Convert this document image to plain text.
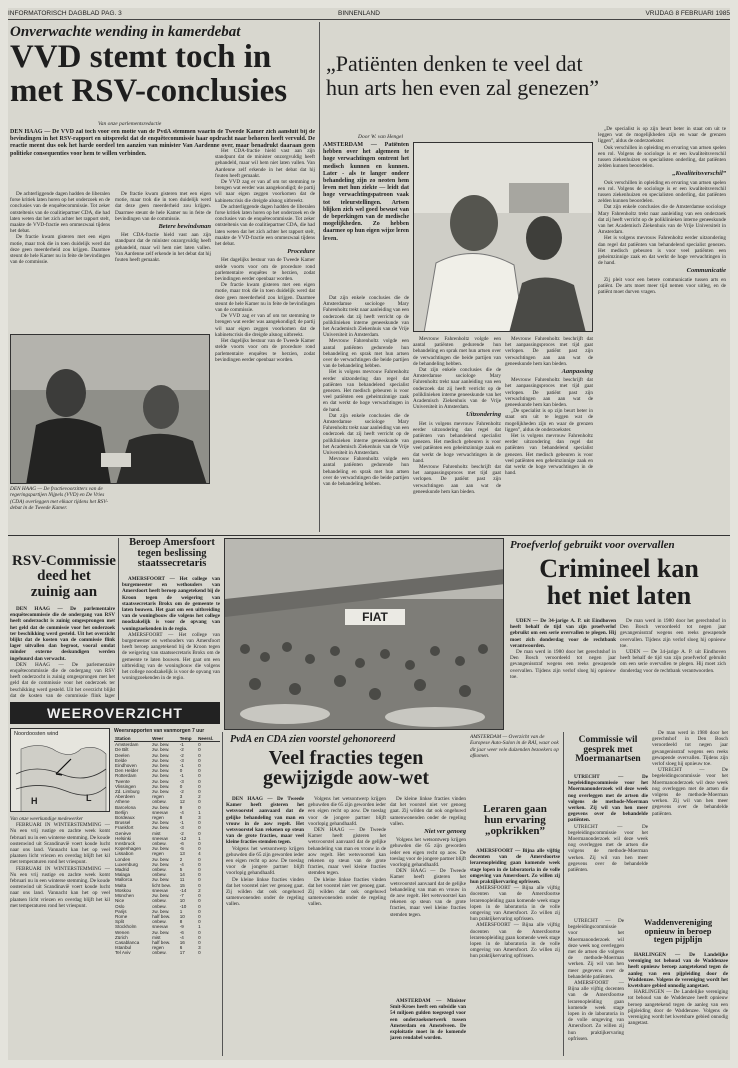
INFORMATORISCH DAGBLAD PAG. 3	BINNENLAND	VRIJDAG 8 FEBRUARI 1985
Onverwachte wending in kamerdebat
VVD stemt toch in
met RSV-conclusies
Van onze parlementsredactie
DEN HAAG — De VVD zal toch voor een motie van de PvdA stemmen waarin de Tweede Kamer zich aansluit bij de bevindingen in het RSV-rapport en uitspreekt dat de enquêtecommissie haar opdracht naar behoren heeft vervuld. De reactie meent dus ook het harde oordeel ten aanzien van minister Van Aardenne over, maar benadrukt daaraan geen politieke consequenties voor hem te willen verbinden.

De achterliggende dagen hadden de liberalen forse kritiek laten horen op het onderzoek en de conclusies van de enquêtecommissie. Tot zeker ontsteltenis van de coalitiepartner CDA, die had laten weten dat het zich achter het rapport stelt, maakte de VVD-fractie een ommezwaai tijdens het debat.

De fractie kwam gisteren met een eigen motie, maar trok die in toen duidelijk werd dat deze geen meerderheid zou krijgen. Daarmee steunt de hele Kamer nu in feite de bevindingen van de commissie.

De fractie kwam gisteren met een eigen motie, maar trok die in toen duidelijk werd dat deze geen meerderheid zou krijgen. Daarmee steunt de hele Kamer nu in feite de bevindingen van de commissie.

Betere bewindsman

Het CDA-fractie hield vast aan zijn standpunt dat de minister onzorgvuldig heeft gehandeld, maar wil hem niet laten vallen. Van Aardenne zelf erkende in het debat dat hij fouten heeft gemaakt.

Het CDA-fractie hield vast aan zijn standpunt dat de minister onzorgvuldig heeft gehandeld, maar wil hem niet laten vallen. Van Aardenne zelf erkende in het debat dat hij fouten heeft gemaakt.

De VVD zag er van af om tot stemming te brengen wat eerder was aangekondigd; de partij wil naar eigen zeggen voorkomen dat de kabinetscrisis die dreigde alsnog uitbreekt.

De achterliggende dagen hadden de liberalen forse kritiek laten horen op het onderzoek en de conclusies van de enquêtecommissie. Tot zeker ontsteltenis van de coalitiepartner CDA, die had laten weten dat het zich achter het rapport stelt, maakte de VVD-fractie een ommezwaai tijdens het debat.

Procedure

Het dagelijks bestuur van de Tweede Kamer stelde voorts voor om de procedure rond parlementaire enquêtes te herzien, zodat bevindingen eerder openbaar worden.

De fractie kwam gisteren met een eigen motie, maar trok die in toen duidelijk werd dat deze geen meerderheid zou krijgen. Daarmee steunt de hele Kamer nu in feite de bevindingen van de commissie.

De VVD zag er van af om tot stemming te brengen wat eerder was aangekondigd; de partij wil naar eigen zeggen voorkomen dat de kabinetscrisis die dreigde alsnog uitbreekt.

Het dagelijks bestuur van de Tweede Kamer stelde voorts voor om de procedure rond parlementaire enquêtes te herzien, zodat bevindingen eerder openbaar worden.

DEN HAAG — De fractievoorzitters van de regeringspartijen Nijpels (VVD) en De Vries (CDA) overleggen met elkaar tijdens het RSV-debat in de Tweede Kamer.
„Patiënten denken te veel dat
hun arts hen even zal genezen”
Door W. van Hengel
AMSTERDAM — Patiënten hebben over het algemeen te hoge verwachtingen omtrent het medisch kunnen en kunnen. Later - als te langer ondeer behandeling zijn zo neoten hem leven met hun ziekte — leidt dat hoge verwachtingspatroon vaak tot teleurstellingen. Artsen blijken zich wel goed bewust van de beperkingen van de medische mogelijkheden. Zo hebben daarmee op hun eigen wijze leren leven.

Dat zijn enkele conclusies die de Amsterdamse sociologe Mary Fahrenholtz trekt naar aanleiding van een onderzoek dat zij heeft verricht op de poliklinieken interne geneeskunde van het Academisch Ziekenhuis van de Vrije Universiteit in Amsterdam.

Mevrouw Fahrenholtz volgde een aantal patiënten gedurende hun behandeling en sprak met hun artsen over de verwachtingen die beide partijen van de behandeling hebben.

Het is volgens mevrouw Fahrenholtz eerder uitzondering dan regel dat patiënten van behandelend specialist genezen. Het medisch gebeuren is voor veel patiënten een geheimzinnige zaak en dat werkt de hoge verwachtingen in de hand.

Dat zijn enkele conclusies die de Amsterdamse sociologe Mary Fahrenholtz trekt naar aanleiding van een onderzoek dat zij heeft verricht op de poliklinieken interne geneeskunde van het Academisch Ziekenhuis van de Vrije Universiteit in Amsterdam.

Mevrouw Fahrenholtz volgde een aantal patiënten gedurende hun behandeling en sprak met hun artsen over de verwachtingen die beide partijen van de behandeling hebben.

Mevrouw Fahrenholtz volgde een aantal patiënten gedurende hun behandeling en sprak met hun artsen over de verwachtingen die beide partijen van de behandeling hebben.

Dat zijn enkele conclusies die de Amsterdamse sociologe Mary Fahrenholtz trekt naar aanleiding van een onderzoek dat zij heeft verricht op de poliklinieken interne geneeskunde van het Academisch Ziekenhuis van de Vrije Universiteit in Amsterdam.

Uitzondering

Het is volgens mevrouw Fahrenholtz eerder uitzondering dan regel dat patiënten van behandelend specialist genezen. Het medisch gebeuren is voor veel patiënten een geheimzinnige zaak en dat werkt de hoge verwachtingen in de hand.

Mevrouw Fahrenholtz beschrijft dat het aanpassingsproces met tijd gaat verlopen. De patiënt past zijn verwachtingen aan aan wat de geneeskunde hem kan bieden.

Mevrouw Fahrenholtz beschrijft dat het aanpassingsproces met tijd gaat verlopen. De patiënt past zijn verwachtingen aan aan wat de geneeskunde hem kan bieden.

Aanpassing

Mevrouw Fahrenholtz beschrijft dat het aanpassingsproces met tijd gaat verlopen. De patiënt past zijn verwachtingen aan aan wat de geneeskunde hem kan bieden.

„De specialist is op zijn beurt beter in staat om uit te leggen wat de mogelijkheden zijn en waar de grenzen liggen”, aldus de onderzoekster.

Het is volgens mevrouw Fahrenholtz eerder uitzondering dan regel dat patiënten van behandelend specialist genezen. Het medisch gebeuren is voor veel patiënten een geheimzinnige zaak en dat werkt de hoge verwachtingen in de hand.

„De specialist is op zijn beurt beter in staat om uit te leggen wat de mogelijkheden zijn en waar de grenzen liggen”, aldus de onderzoekster.

Ook verschillen in opleiding en ervaring van artsen spelen een rol. Volgens de sociologe is er een kwaliteitsverschil tussen ziekenhuizen en specialisten onderling, dat patiënten zelden kunnen beoordelen.

„Kwaliteitsverschil”

Ook verschillen in opleiding en ervaring van artsen spelen een rol. Volgens de sociologe is er een kwaliteitsverschil tussen ziekenhuizen en specialisten onderling, dat patiënten zelden kunnen beoordelen.

Dat zijn enkele conclusies die de Amsterdamse sociologe Mary Fahrenholtz trekt naar aanleiding van een onderzoek dat zij heeft verricht op de poliklinieken interne geneeskunde van het Academisch Ziekenhuis van de Vrije Universiteit in Amsterdam.

Het is volgens mevrouw Fahrenholtz eerder uitzondering dan regel dat patiënten van behandelend specialist genezen. Het medisch gebeuren is voor veel patiënten een geheimzinnige zaak en dat werkt de hoge verwachtingen in de hand.

Communicatie

Zij pleit voor een betere communicatie tussen arts en patiënt. De arts moet meer tijd nemen voor uitleg, en de patiënt moet durven vragen.

RSV-Commissie
deed het
zuinig aan

DEN HAAG — De parlementaire enquêtecommissie die de ondergang van RSV heeft onderzocht is zuinig omgesprongen met het geld dat de commissie voor het onderzoek ter beschikking werd gesteld. Uit het overzicht blijkt dat de kosten van de commissie flink lager uitvallen dan begroot, vooral omdat minder externe deskundigen werden ingehuurd dan verwacht.

DEN HAAG — De parlementaire enquêtecommissie die de ondergang van RSV heeft onderzocht is zuinig omgesprongen met het geld dat de commissie voor het onderzoek ter beschikking werd gesteld. Uit het overzicht blijkt dat de kosten van de commissie flink lager

Beroep Amersfoort
tegen beslissing
staatssecretaris

AMERSFOORT — Het college van burgemeester en wethouders van Amersfoort heeft beroep aangetekend bij de Kroon tegen de weigering van staatssecretaris Brokx om de gemeente te laten bouwen. Het gaat om een uitbreiding van de woningbouw die volgens het college noodzakelijk is voor de opvang van woningzoekenden in de regio.

AMERSFOORT — Het college van burgemeester en wethouders van Amersfoort heeft beroep aangetekend bij de Kroon tegen de weigering van staatssecretaris Brokx om de gemeente te laten bouwen. Het gaat om een uitbreiding van de woningbouw die volgens het college noodzakelijk is voor de opvang van woningzoekenden in de regio.

FIAT
Proefverlof gebruikt voor overvallen
Crimineel kan
het niet laten

UDEN — De 34-jarige A. P. uit Eindhoven heeft behalf de tijd van zijn proefverlof gebruikt om een serie overvallen te plegen. Hij moet zich donderdag voor de rechtbank verantwoorden.

De man werd in 1980 door het gerechtshof in Den Bosch veroordeeld tot negen jaar gevangenisstraf wegens een reeks gewapende overvallen. Tijdens zijn verlof sloeg hij opnieuw toe.

De man werd in 1980 door het gerechtshof in Den Bosch veroordeeld tot negen jaar gevangenisstraf wegens een reeks gewapende overvallen. Tijdens zijn verlof sloeg hij opnieuw toe.

UDEN — De 34-jarige A. P. uit Eindhoven heeft behalf de tijd van zijn proefverlof gebruikt om een serie overvallen te plegen. Hij moet zich donderdag voor de rechtbank verantwoorden.

WEEROVERZICHT
Noordoosten wind
H	L

Van onze weerkundige medewerker

FEBRUARI IN WINTERSTEMMING — Nu een vrij rustige en zachte week komt februari nu in een winterse stemming. De koude oostenwind uit Scandinavië voert koude lucht naar ons land. Vannacht kan het op veel plaatsen licht vriezen en overdag blijft het kil met temperaturen rond het vriespunt.

FEBRUARI IN WINTERSTEMMING — Nu een vrij rustige en zachte week komt februari nu in een winterse stemming. De koude oostenwind uit Scandinavië voert koude lucht naar ons land. Vannacht kan het op veel plaatsen licht vriezen en overdag blijft het kil met temperaturen rond het vriespunt.

Weersrapporten van vanmorgen 7 uur
Station	Weer	Temp	Neersl.
Amsterdam	zw. bew.	-1	0
De Bilt	zw. bew.	-2	0
Deelen	zw. bew.	-2	0
Eelde	zw. bew.	-3	0
Eindhoven	zw. bew.	-1	0
Den Helder	zw. bew.	0	0
Rotterdam	zw. bew.	-1	0
Twente	zw. bew.	-3	0
Vlissingen	zw. bew.	0	0
Zd. Limburg	zw. bew.	-2	0
Aberdeen	regen	3	2
Athene	onbew.	12	0
Barcelona	zw. bew.	9	0
Berlijn	sneeuw	-4	1
Bordeaux	regen	8	3
Brussel	zw. bew.	-1	0
Frankfort	zw. bew.	-3	0
Genève	mist	-2	0
Helsinki	sneeuw	-12	1
Innsbruck	onbew.	-6	0
Kopenhagen	zw. bew.	-5	0
Lissabon	regen	13	4
Londen	zw. bew.	2	0
Luxemburg	zw. bew.	-4	0
Madrid	onbew.	5	0
Malaga	onbew.	14	0
Mallorca	zw. bew.	11	0
Malta	licht bew.	15	0
Moskou	sneeuw	-14	2
München	zw. bew.	-7	0
Nice	onbew.	10	0
Oslo	onbew.	-10	0
Parijs	zw. bew.	1	0
Rome	half bew.	10	0
Split	onbew.	8	0
Stockholm	sneeuw	-9	1
Wenen	zw. bew.	-6	0
Zürich	mist	-4	0
Casablanca	half bew.	16	0
Istanbul	regen	6	3
Tel Aviv	onbew.	17	0
PvdA en CDA zien voorstel gehonoreerd
Veel fracties tegen
gewijzigde aow-wet

DEN HAAG — De Tweede Kamer heeft gisteren het wetsvoorstel aanvaard dat de gelijke behandeling van man en vrouw in de aow regelt. Het wetsvoorstel kan rekenen op steun van de grote fracties, maar veel kleine fracties stemden tegen.

Volgens het wetsontwerp krijgen gehuwden die 65 zijn geworden ieder een eigen recht op aow. De toeslag voor de jongere partner blijft voorlopig gehandhaafd.

De kleine linkse fracties vinden dat het voorstel niet ver genoeg gaat. Zij wilden dat ook ongehuwd samenwonenden onder de regeling vallen.

Volgens het wetsontwerp krijgen gehuwden die 65 zijn geworden ieder een eigen recht op aow. De toeslag voor de jongere partner blijft voorlopig gehandhaafd.

DEN HAAG — De Tweede Kamer heeft gisteren het wetsvoorstel aanvaard dat de gelijke behandeling van man en vrouw in de aow regelt. Het wetsvoorstel kan rekenen op steun van de grote fracties, maar veel kleine fracties stemden tegen.

De kleine linkse fracties vinden dat het voorstel niet ver genoeg gaat. Zij wilden dat ook ongehuwd samenwonenden onder de regeling vallen.

De kleine linkse fracties vinden dat het voorstel niet ver genoeg gaat. Zij wilden dat ook ongehuwd samenwonenden onder de regeling vallen.

Niet ver genoeg

Volgens het wetsontwerp krijgen gehuwden die 65 zijn geworden ieder een eigen recht op aow. De toeslag voor de jongere partner blijft voorlopig gehandhaafd.

DEN HAAG — De Tweede Kamer heeft gisteren het wetsvoorstel aanvaard dat de gelijke behandeling van man en vrouw in de aow regelt. Het wetsvoorstel kan rekenen op steun van de grote fracties, maar veel kleine fracties stemden tegen.

AMSTERDAM — Overzicht van de Europese Auto-Salon in de RAI, waar ook dit jaar weer vele duizenden bezoekers op afkomen.

AMSTERDAM — Minister Smit-Kroes heeft een subsidie van 54 miljoen gulden toegezegd voor een onderzoeksnetwerk tussen Amsterdam en Amstelveen. De exploitatie moet in de komende jaren rendabel worden.

Leraren gaan
hun ervaring
„opkrikken”

AMERSFOORT — Bijna alle vijftig docenten van de Amersfoortse lerarenopleiding gaan komende week stage lopen in de laboratoria in de volle omgeving van Amersfoort. Zo willen zij hun praktijkervaring opfrissen.

AMERSFOORT — Bijna alle vijftig docenten van de Amersfoortse lerarenopleiding gaan komende week stage lopen in de laboratoria in de volle omgeving van Amersfoort. Zo willen zij hun praktijkervaring opfrissen.

AMERSFOORT — Bijna alle vijftig docenten van de Amersfoortse lerarenopleiding gaan komende week stage lopen in de laboratoria in de volle omgeving van Amersfoort. Zo willen zij hun praktijkervaring opfrissen.

Commissie wil
gesprek met
Moermanartsen

UTRECHT — De begeleidingscommissie voor het Moermanonderzoek wil deze week nog overleggen met de artsen die volgens de methode-Moerman werken. Zij wil van hen meer gegevens over de behandelde patiënten.

UTRECHT — De begeleidingscommissie voor het Moermanonderzoek wil deze week nog overleggen met de artsen die volgens de methode-Moerman werken. Zij wil van hen meer gegevens over de behandelde patiënten.

De man werd in 1980 door het gerechtshof in Den Bosch veroordeeld tot negen jaar gevangenisstraf wegens een reeks gewapende overvallen. Tijdens zijn verlof sloeg hij opnieuw toe.

UTRECHT — De begeleidingscommissie voor het Moermanonderzoek wil deze week nog overleggen met de artsen die volgens de methode-Moerman werken. Zij wil van hen meer gegevens over de behandelde patiënten.

Waddenvereniging
opnieuw in beroep
tegen pijplijn

HARLINGEN — De Landelijke vereniging tot behoud van de Waddenzee heeft opnieuw beroep aangetekend tegen de aanleg van een pijpleiding door de Waddenzee. Volgens de vereniging wordt het kwetsbare gebied onnodig aangetast.

HARLINGEN — De Landelijke vereniging tot behoud van de Waddenzee heeft opnieuw beroep aangetekend tegen de aanleg van een pijpleiding door de Waddenzee. Volgens de vereniging wordt het kwetsbare gebied onnodig aangetast.

UTRECHT — De begeleidingscommissie voor het Moermanonderzoek wil deze week nog overleggen met de artsen die volgens de methode-Moerman werken. Zij wil van hen meer gegevens over de behandelde patiënten.

AMERSFOORT — Bijna alle vijftig docenten van de Amersfoortse lerarenopleiding gaan komende week stage lopen in de laboratoria in de volle omgeving van Amersfoort. Zo willen zij hun praktijkervaring opfrissen.
